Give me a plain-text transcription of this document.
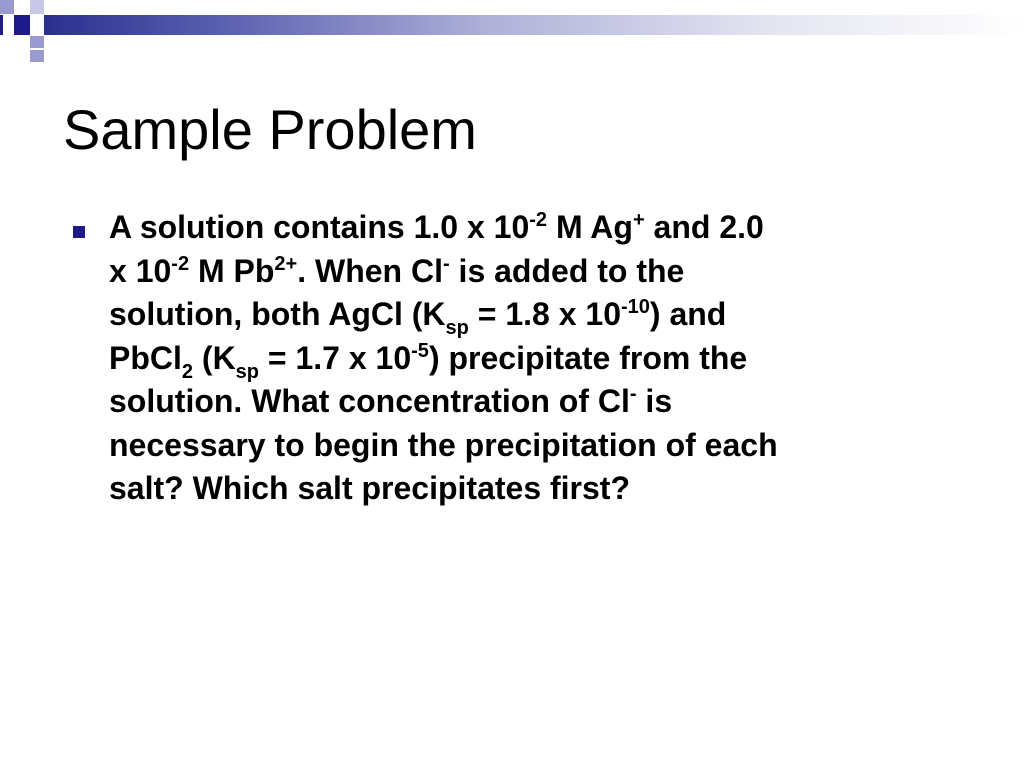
Sample Problem
A solution contains 1.0 x $10^{-2}$ M Ag+ and 2.0
x $10^{-2}$ M $Pb^{2+}$. When Cl- is added to the
solution, both AgCl ($K_{sp} = 1.8$ x $10^{-10}$) and
PbCl$_2$ ($K_{sp} = 1.7$ x $10^{-5}$) precipitate from the
solution. What concentration of Cl- is
necessary to begin the precipitation of each
salt? Which salt precipitates first?
